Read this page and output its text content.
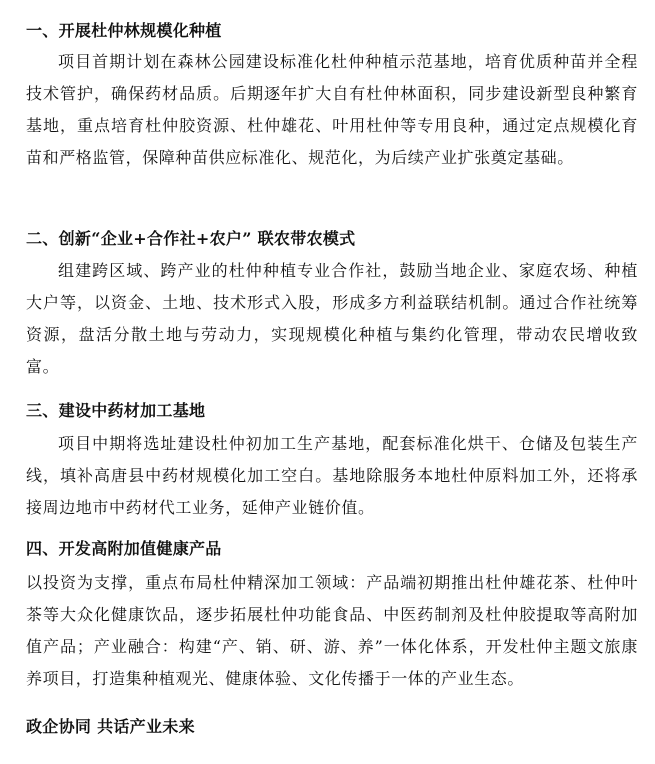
一、开展杜仲林规模化种植

项目首期计划在森林公园建设标准化杜仲种植示范基地，培育优质种苗并全程技术管护，确保药材品质。后期逐年扩大自有杜仲林面积，同步建设新型良种繁育基地，重点培育杜仲胶资源、杜仲雄花、叶用杜仲等专用良种，通过定点规模化育苗和严格监管，保障种苗供应标准化、规范化，为后续产业扩张奠定基础。

二、创新“企业+合作社+农户” 联农带农模式

组建跨区域、跨产业的杜仲种植专业合作社，鼓励当地企业、家庭农场、种植大户等，以资金、土地、技术形式入股，形成多方利益联结机制。通过合作社统筹资源，盘活分散土地与劳动力，实现规模化种植与集约化管理，带动农民增收致富。

三、建设中药材加工基地

项目中期将选址建设杜仲初加工生产基地，配套标准化烘干、仓储及包装生产线，填补高唐县中药材规模化加工空白。基地除服务本地杜仲原料加工外，还将承接周边地市中药材代工业务，延伸产业链价值。

四、开发高附加值健康产品

以投资为支撑，重点布局杜仲精深加工领域：产品端初期推出杜仲雄花茶、杜仲叶茶等大众化健康饮品，逐步拓展杜仲功能食品、中医药制剂及杜仲胶提取等高附加值产品；产业融合：构建“产、销、研、游、养”一体化体系，开发杜仲主题文旅康养项目，打造集种植观光、健康体验、文化传播于一体的产业生态。

政企协同 共话产业未来
